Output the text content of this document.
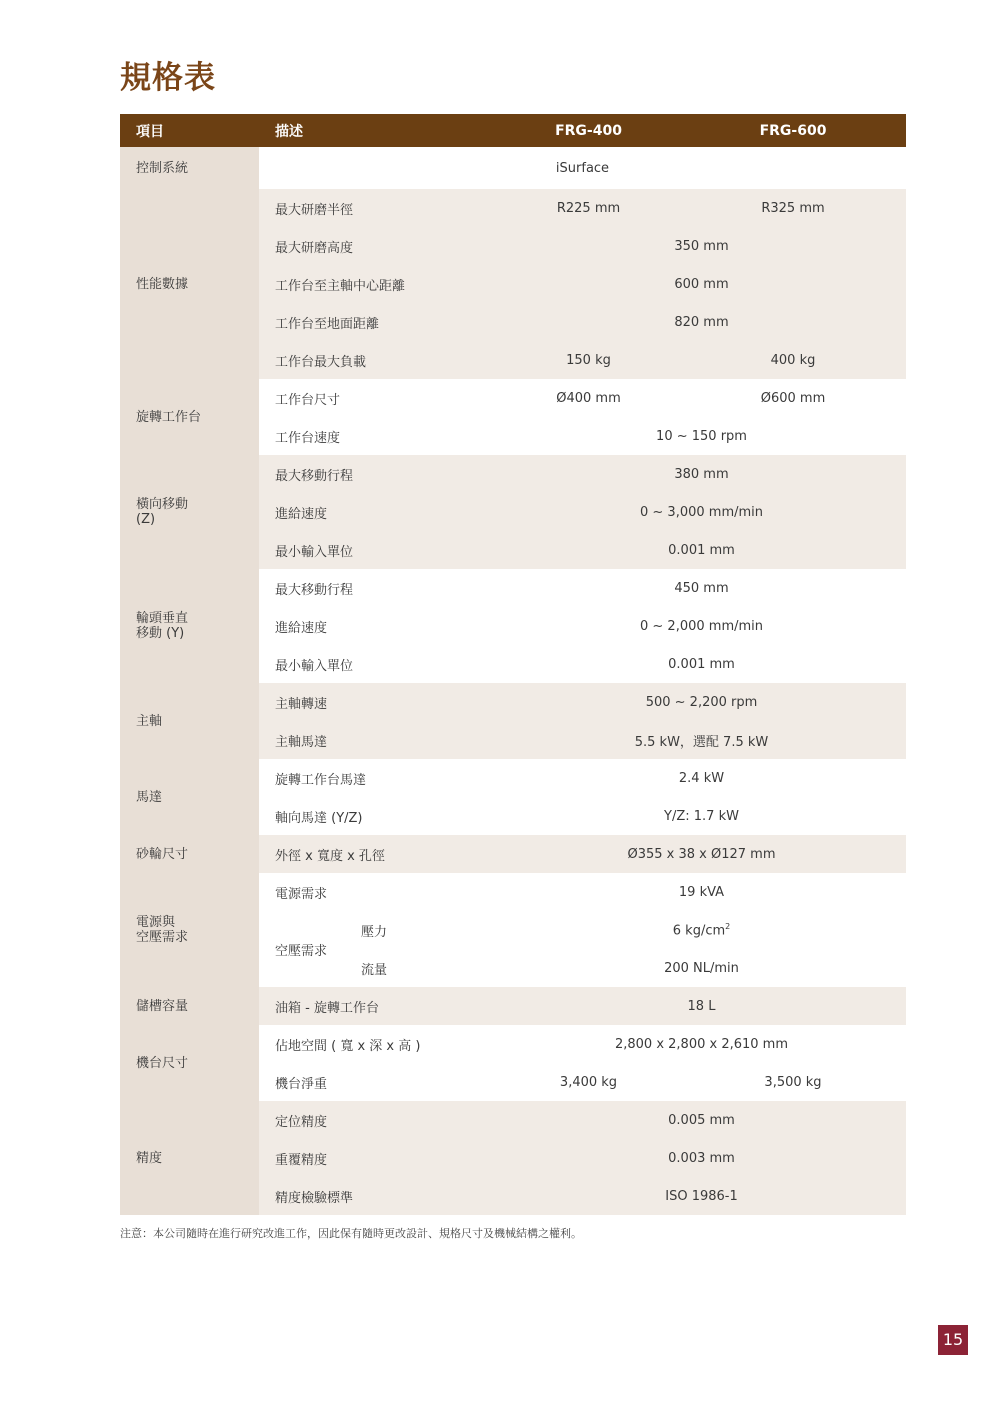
規格表
項目	描述		FRG-400	FRG-600
控制系統	iSurface			
性能數據	最大研磨半徑		R225 mm	R325 mm
	最大研磨高度		350 mm	
	工作台至主軸中心距離		600 mm	
	工作台至地面距離		820 mm	
	工作台最大負載		150 kg	400 kg
旋轉工作台	工作台尺寸		Ø400 mm	Ø600 mm
	工作台速度		10 ~ 150 rpm	

橫向移動
(Z)	最大移動行程		380 mm	
	進給速度		0 ~ 3,000 mm/min	
	最小輸入單位		0.001 mm	

輪頭垂直
移動 (Y)	最大移動行程		450 mm	
	進給速度		0 ~ 2,000 mm/min	
	最小輸入單位		0.001 mm	
主軸	主軸轉速		500 ~ 2,200 rpm	
	主軸馬達		5.5 kW，選配 7.5 kW	
馬達	旋轉工作台馬達		2.4 kW	
	軸向馬達 (Y/Z)		Y/Z: 1.7 kW	
砂輪尺寸	外徑 x 寬度 x 孔徑		Ø355 x 38 x Ø127 mm	

電源與
空壓需求	電源需求		19 kVA	
	空壓需求	壓力	6 $kg/cm^2$
		流量	200 NL/min	
儲槽容量	油箱 - 旋轉工作台		18 L	
機台尺寸	佔地空間 ( 寬 x 深 x 高 )		2,800 x 2,800 x 2,610 mm	
	機台淨重		3,400 kg	3,500 kg
精度	定位精度		0.005 mm	
	重覆精度		0.003 mm	
	精度檢驗標準		ISO 1986-1	
注意：本公司隨時在進行研究改進工作，因此保有隨時更改設計、規格尺寸及機械結構之權利。
15
